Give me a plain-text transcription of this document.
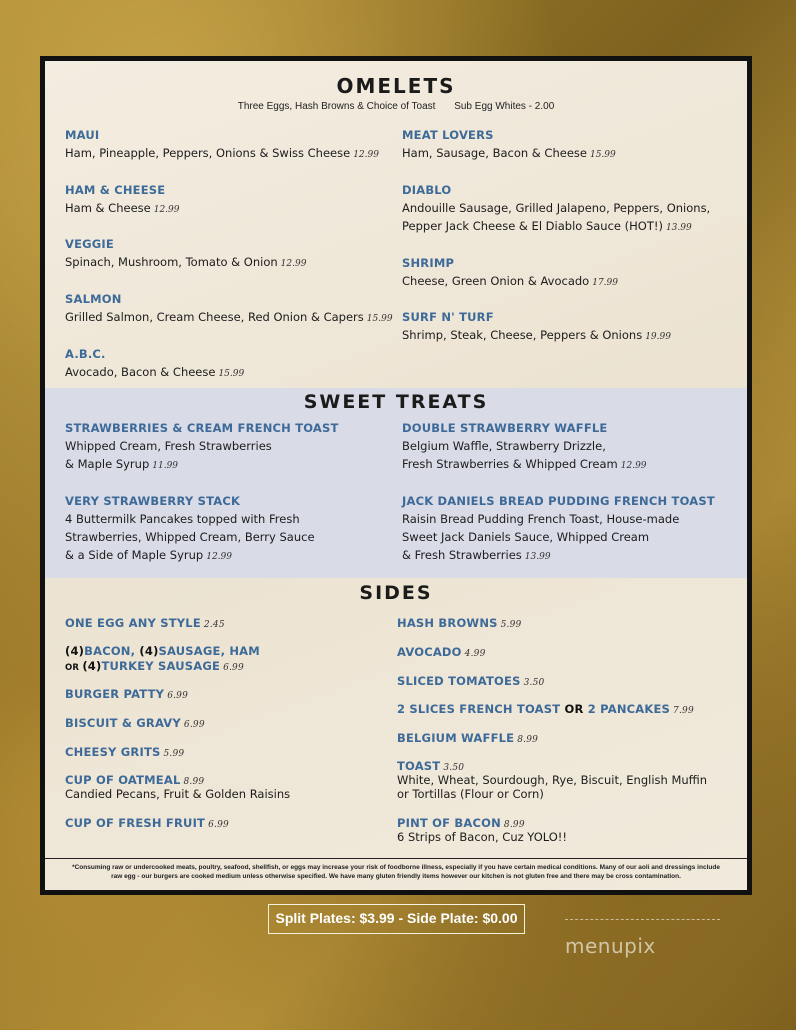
OMELETS
Three Eggs, Hash Browns & Choice of Toast Sub Egg Whites - 2.00
MAUI
Ham, Pineapple, Peppers, Onions & Swiss Cheese 12.99
HAM & CHEESE
Ham & Cheese 12.99
VEGGIE
Spinach, Mushroom, Tomato & Onion 12.99
SALMON
Grilled Salmon, Cream Cheese, Red Onion & Capers 15.99
A.B.C.
Avocado, Bacon & Cheese 15.99
MEAT LOVERS
Ham, Sausage, Bacon & Cheese 15.99
DIABLO
Andouille Sausage, Grilled Jalapeno, Peppers, Onions,
Pepper Jack Cheese & El Diablo Sauce (HOT!) 13.99
SHRIMP
Cheese, Green Onion & Avocado 17.99
SURF N' TURF
Shrimp, Steak, Cheese, Peppers & Onions 19.99
SWEET TREATS
STRAWBERRIES & CREAM FRENCH TOAST
Whipped Cream, Fresh Strawberries
& Maple Syrup 11.99
DOUBLE STRAWBERRY WAFFLE
Belgium Waffle, Strawberry Drizzle,
Fresh Strawberries & Whipped Cream 12.99
VERY STRAWBERRY STACK
4 Buttermilk Pancakes topped with Fresh
Strawberries, Whipped Cream, Berry Sauce
& a Side of Maple Syrup 12.99
JACK DANIELS BREAD PUDDING FRENCH TOAST
Raisin Bread Pudding French Toast, House-made
Sweet Jack Daniels Sauce, Whipped Cream
& Fresh Strawberries 13.99
SIDES
ONE EGG ANY STYLE 2.45
(4)BACON, (4)SAUSAGE, HAM
OR (4)TURKEY SAUSAGE 6.99
BURGER PATTY 6.99
BISCUIT & GRAVY 6.99
CHEESY GRITS 5.99
CUP OF OATMEAL 8.99
Candied Pecans, Fruit & Golden Raisins
CUP OF FRESH FRUIT 6.99
HASH BROWNS 5.99
AVOCADO 4.99
SLICED TOMATOES 3.50
2 SLICES FRENCH TOAST OR 2 PANCAKES 7.99
BELGIUM WAFFLE 8.99
TOAST 3.50
White, Wheat, Sourdough, Rye, Biscuit, English Muffin
or Tortillas (Flour or Corn)
PINT OF BACON 8.99
6 Strips of Bacon, Cuz YOLO!!
*Consuming raw or undercooked meats, poultry, seafood, shellfish, or eggs may increase your risk of foodborne illness, especially if you have certain medical conditions. Many of our aoli and dressings include
raw egg - our burgers are cooked medium unless otherwise specified. We have many gluten friendly items however our kitchen is not gluten free and there may be cross contamination.
Split Plates: $3.99 - Side Plate: $0.00
menupix
